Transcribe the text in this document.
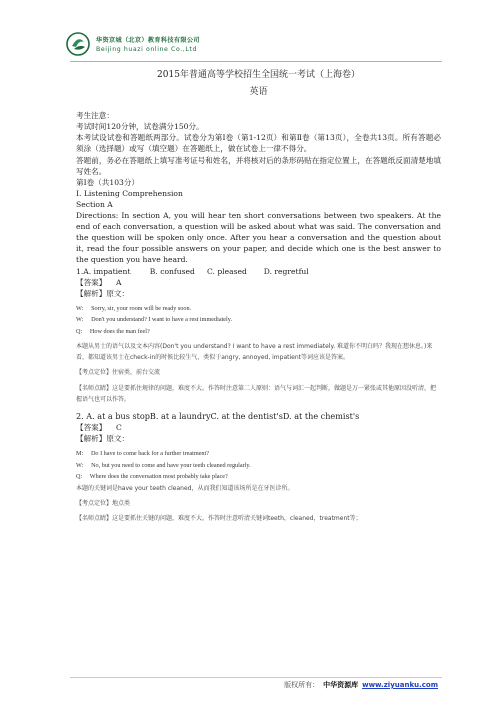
华资京城（北京）教育科技有限公司
Beijing huazi online Co.,Ltd

2015年普通高等学校招生全国统一考试（上海卷）

英语

考生注意：

考试时间120分钟，试卷满分150分。

本考试设试卷和答题纸两部分。试卷分为第Ⅰ卷（第1-12页）和第Ⅱ卷（第13页），全卷共13页。所有答题必须涂（选择题）或写（填空题）在答题纸上，做在试卷上一律不得分。

答题前，务必在答题纸上填写准考证号和姓名，并将核对后的条形码贴在指定位置上，在答题纸反面清楚地填写姓名。

第Ⅰ卷（共103分）

I. Listening Comprehension

Section A

Directions: In section A, you will hear ten short conversations between two speakers. At the end of each conversation, a question will be asked about what was said. The conversation and the question will be spoken only once. After you hear a conversation and the question about it, read the four possible answers on your paper, and decide which one is the best answer to the question you have heard.

1.A. impatient        B. confused     C. pleased       D. regretful

【答案】    A

【解析】原文：

W:     Sorry, sir, your room will be ready soon.

W:     Don't you understand? I want to have a rest immediately.

Q:     How does the man feel?

本题从男士的语气以及文本内容(Don't you understand? I want to have a rest immediately. 难道你不明白吗？我现在想休息。)来看，都知道该男士在check-in的时候比较生气，类似于angry, annoyed, impatient等词应该是答案。

【考点定位】住宿类，前台交流

【名师点睛】这是要抓住规律的问题，难度不大。作答时注意第二人原则：语气与词汇一起判断，做题是万一紧张或其他原因没听清，把握语气也可以作答。

2. A. at a bus stopB. at a laundryC. at the dentist'sD. at the chemist's

【答案】    C

【解析】原文：

M:     Do I have to come back for a further treatment?

W:     No, but you need to come and have your teeth cleaned regularly.

Q:     Where does the conversation most probably take place?

本题的关键词是have your teeth cleaned，从而我们知道该场所是在牙医诊所。

【考点定位】地点类

【名师点睛】这是要抓住关键的问题，难度不大。作答时注意听清关键词teeth，cleaned，treatment等；

版权所有： 中华资源库 www.ziyuanku.com
